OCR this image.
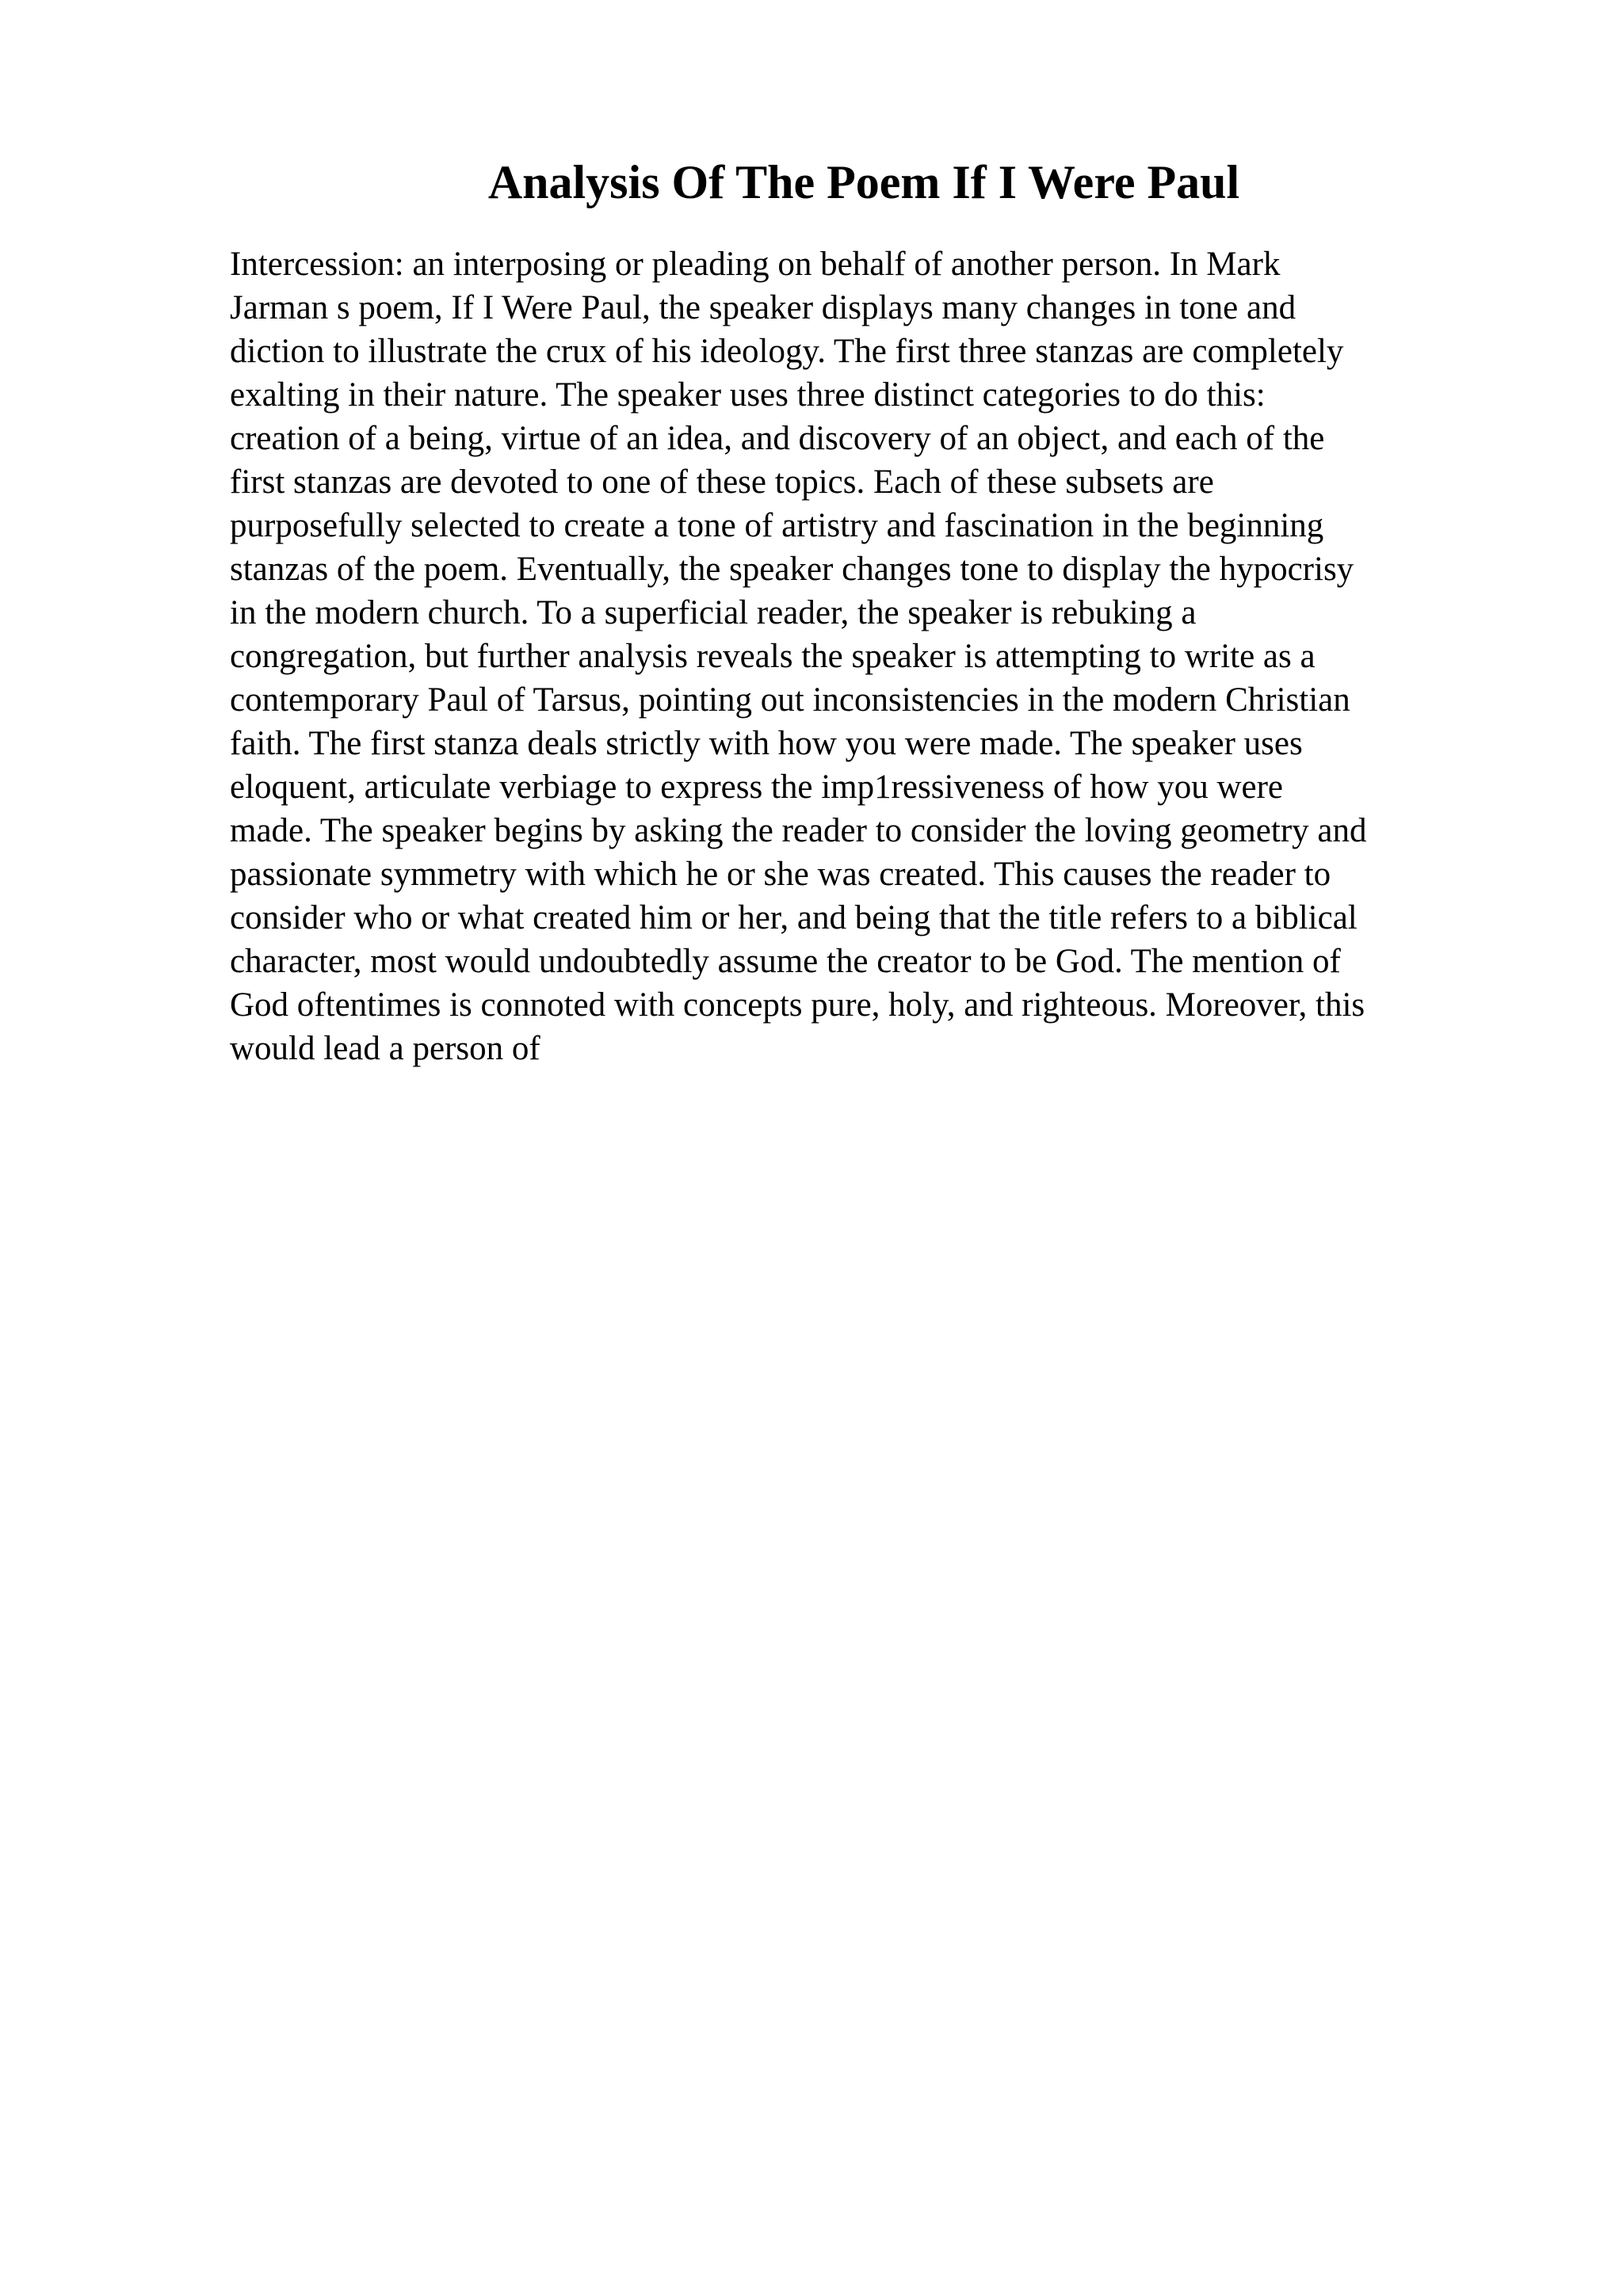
Analysis Of The Poem If I Were Paul
Intercession: an interposing or pleading on behalf of another person. In Mark
Jarman s poem, If I Were Paul, the speaker displays many changes in tone and
diction to illustrate the crux of his ideology. The first three stanzas are completely
exalting in their nature. The speaker uses three distinct categories to do this:
creation of a being, virtue of an idea, and discovery of an object, and each of the
first stanzas are devoted to one of these topics. Each of these subsets are
purposefully selected to create a tone of artistry and fascination in the beginning
stanzas of the poem. Eventually, the speaker changes tone to display the hypocrisy
in the modern church. To a superficial reader, the speaker is rebuking a
congregation, but further analysis reveals the speaker is attempting to write as a
contemporary Paul of Tarsus, pointing out inconsistencies in the modern Christian
faith. The first stanza deals strictly with how you were made. The speaker uses
eloquent, articulate verbiage to express the imp1ressiveness of how you were
made. The speaker begins by asking the reader to consider the loving geometry and
passionate symmetry with which he or she was created. This causes the reader to
consider who or what created him or her, and being that the title refers to a biblical
character, most would undoubtedly assume the creator to be God. The mention of
God oftentimes is connoted with concepts pure, holy, and righteous. Moreover, this
would lead a person of
